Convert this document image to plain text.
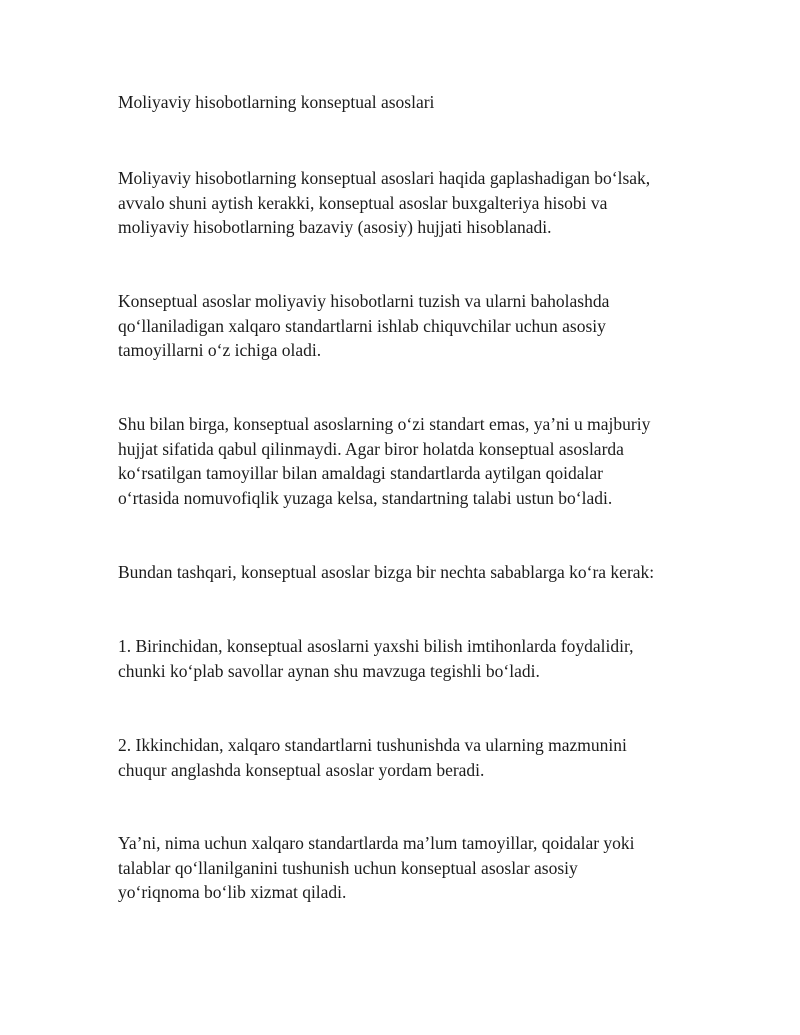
Moliyaviy hisobotlarning konseptual asoslari

Moliyaviy hisobotlarning konseptual asoslari haqida gaplashadigan bo‘lsak,
avvalo shuni aytish kerakki, konseptual asoslar buxgalteriya hisobi va
moliyaviy hisobotlarning bazaviy (asosiy) hujjati hisoblanadi.

Konseptual asoslar moliyaviy hisobotlarni tuzish va ularni baholashda
qo‘llaniladigan xalqaro standartlarni ishlab chiquvchilar uchun asosiy
tamoyillarni o‘z ichiga oladi.

Shu bilan birga, konseptual asoslarning o‘zi standart emas, ya’ni u majburiy
hujjat sifatida qabul qilinmaydi. Agar biror holatda konseptual asoslarda
ko‘rsatilgan tamoyillar bilan amaldagi standartlarda aytilgan qoidalar
o‘rtasida nomuvofiqlik yuzaga kelsa, standartning talabi ustun bo‘ladi.

Bundan tashqari, konseptual asoslar bizga bir nechta sabablarga ko‘ra kerak:

1. Birinchidan, konseptual asoslarni yaxshi bilish imtihonlarda foydalidir,
chunki ko‘plab savollar aynan shu mavzuga tegishli bo‘ladi.

2. Ikkinchidan, xalqaro standartlarni tushunishda va ularning mazmunini
chuqur anglashda konseptual asoslar yordam beradi.

Ya’ni, nima uchun xalqaro standartlarda ma’lum tamoyillar, qoidalar yoki
talablar qo‘llanilganini tushunish uchun konseptual asoslar asosiy
yo‘riqnoma bo‘lib xizmat qiladi.
